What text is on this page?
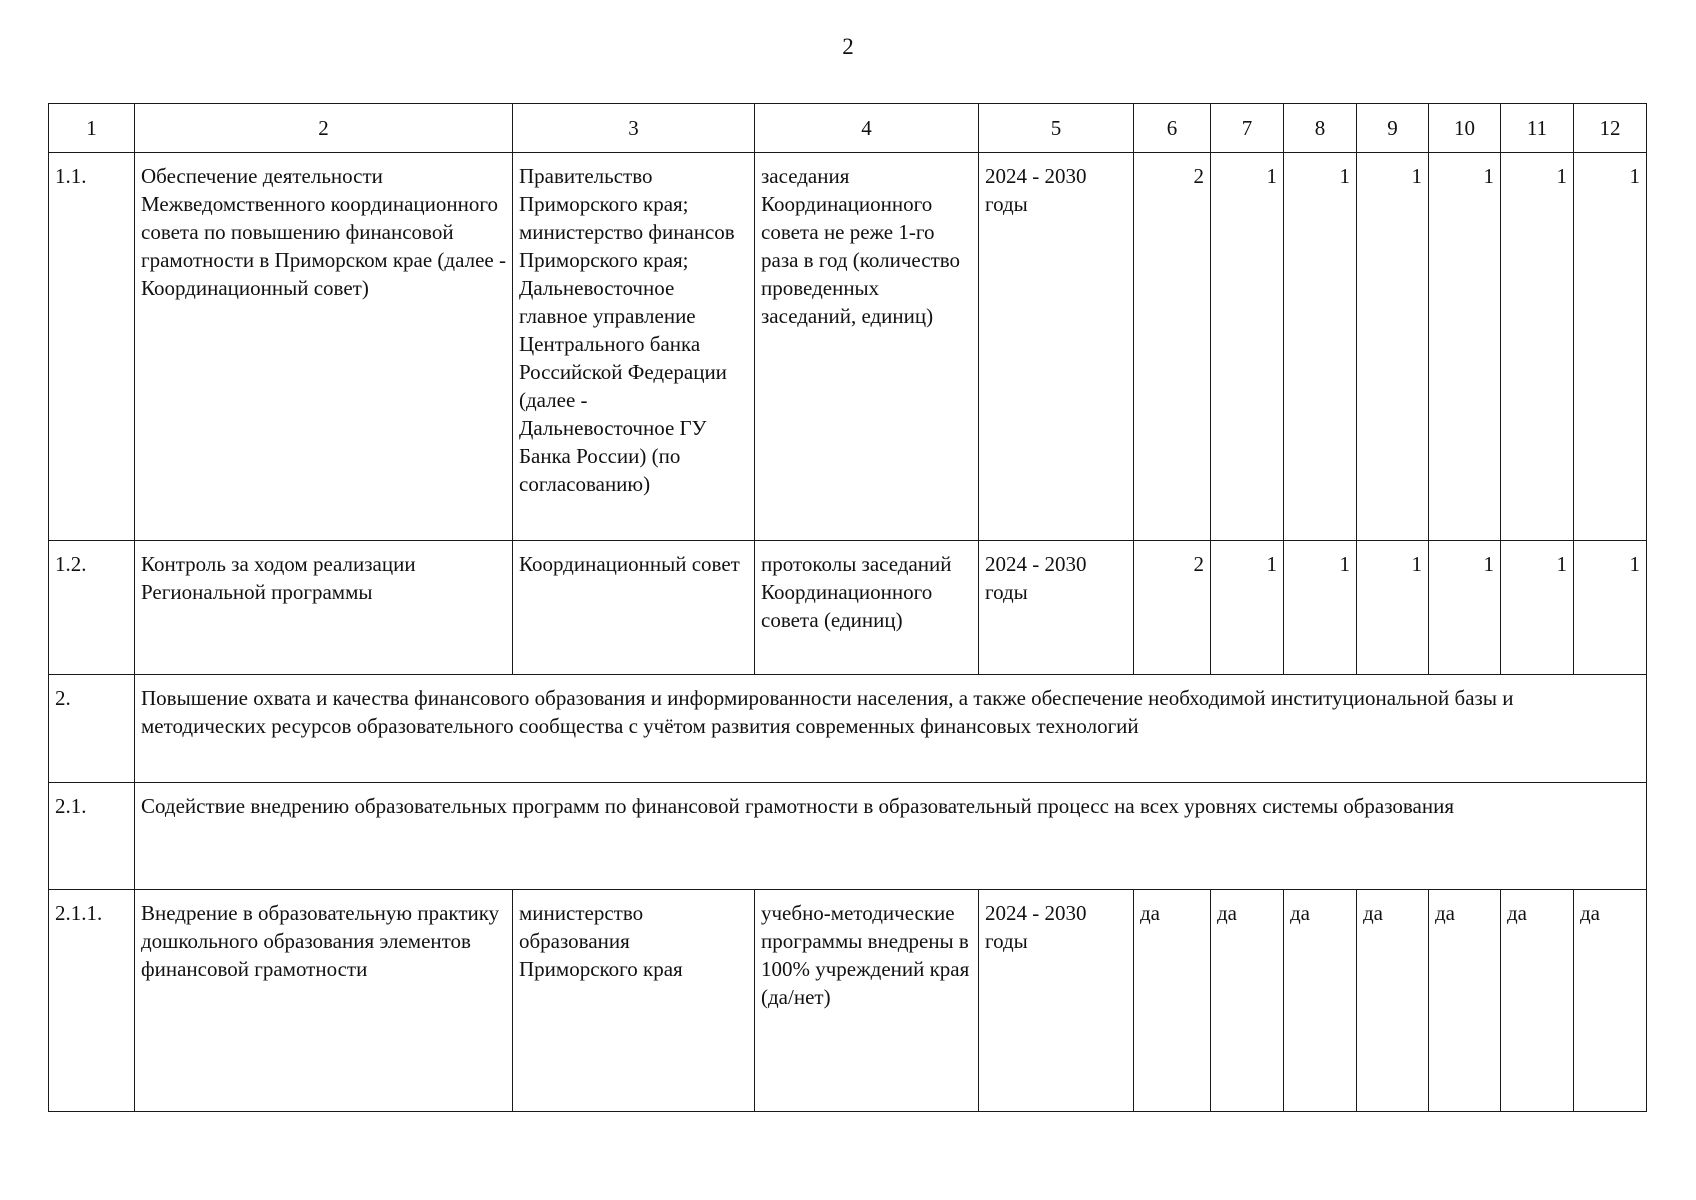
2
1	2	3	4	5	6	7	8	9	10	11	12
1.1.	Обеспечение деятельности Межведомственного координационного совета по повышению финансовой грамотности в Приморском крае (далее - Координационный совет)	Правительство Приморского края; министерство финансов Приморского края; Дальневосточное главное управление Центрального банка Российской Федерации (далее - Дальневосточное ГУ Банка России) (по согласованию)	заседания Координационного совета не реже 1-го раза в год (количество проведенных заседаний, единиц)	2024 - 2030 годы	2	1	1	1	1	1	1
1.2.	Контроль за ходом реализации Региональной программы	Координационный совет	протоколы заседаний Координационного совета (единиц)	2024 - 2030 годы	2	1	1	1	1	1	1
2.	Повышение охвата и качества финансового образования и информированности населения, а также обеспечение необходимой институциональной базы и методических ресурсов образовательного сообщества с учётом развития современных финансовых технологий										
2.1.	Содействие внедрению образовательных программ по финансовой грамотности в образовательный процесс на всех уровнях системы образования										
2.1.1.	Внедрение в образовательную практику дошкольного образования элементов финансовой грамотности	министерство образования Приморского края	учебно-методические программы внедрены в 100% учреждений края (да/нет)	2024 - 2030 годы	да	да	да	да	да	да	да
